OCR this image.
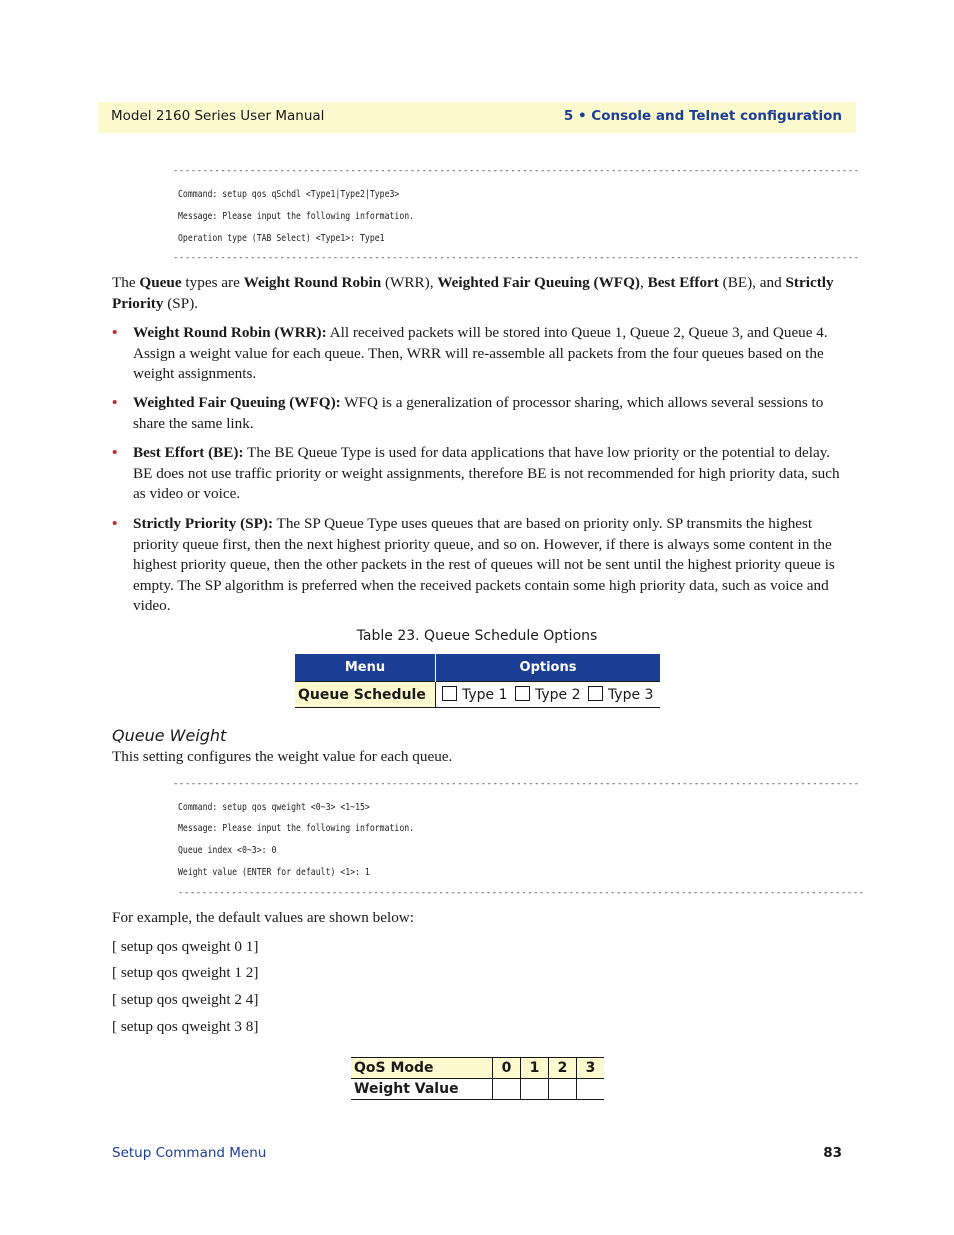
Model 2160 Series User Manual	5 • Console and Telnet configuration
--------------------------------------------------------------------------------------------------------------------
Command: setup qos qSchdl <Type1|Type2|Type3>
Message: Please input the following information.
Operation type (TAB Select) <Type1>: Type1
--------------------------------------------------------------------------------------------------------------------
The Queue types are Weight Round Robin (WRR), Weighted Fair Queuing (WFQ), Best Effort (BE), and Strictly Priority (SP).
• Weight Round Robin (WRR): All received packets will be stored into Queue 1, Queue 2, Queue 3, and Queue 4. Assign a weight value for each queue. Then, WRR will re-assemble all packets from the four queues based on the weight assignments.
• Weighted Fair Queuing (WFQ): WFQ is a generalization of processor sharing, which allows several sessions to share the same link.
• Best Effort (BE): The BE Queue Type is used for data applications that have low priority or the potential to delay. BE does not use traffic priority or weight assignments, therefore BE is not recommended for high priority data, such as video or voice.
• Strictly Priority (SP): The SP Queue Type uses queues that are based on priority only. SP transmits the highest priority queue first, then the next highest priority queue, and so on. However, if there is always some content in the highest priority queue, then the other packets in the rest of queues will not be sent until the highest priority queue is empty. The SP algorithm is preferred when the received packets contain some high priority data, such as voice and video.
Table 23. Queue Schedule Options
Menu	Options
Queue Schedule	Type 1 Type 2 Type 3
Queue Weight
This setting configures the weight value for each queue.
--------------------------------------------------------------------------------------------------------------------
Command: setup qos qweight <0~3> <1~15>
Message: Please input the following information.
Queue index <0~3>: 0
Weight value (ENTER for default) <1>: 1
--------------------------------------------------------------------------------------------------------------------
For example, the default values are shown below:
[ setup qos qweight 0 1]
[ setup qos qweight 1 2]
[ setup qos qweight 2 4]
[ setup qos qweight 3 8]
QoS Mode	0	1	2	3
Weight Value				
Setup Command Menu	83
